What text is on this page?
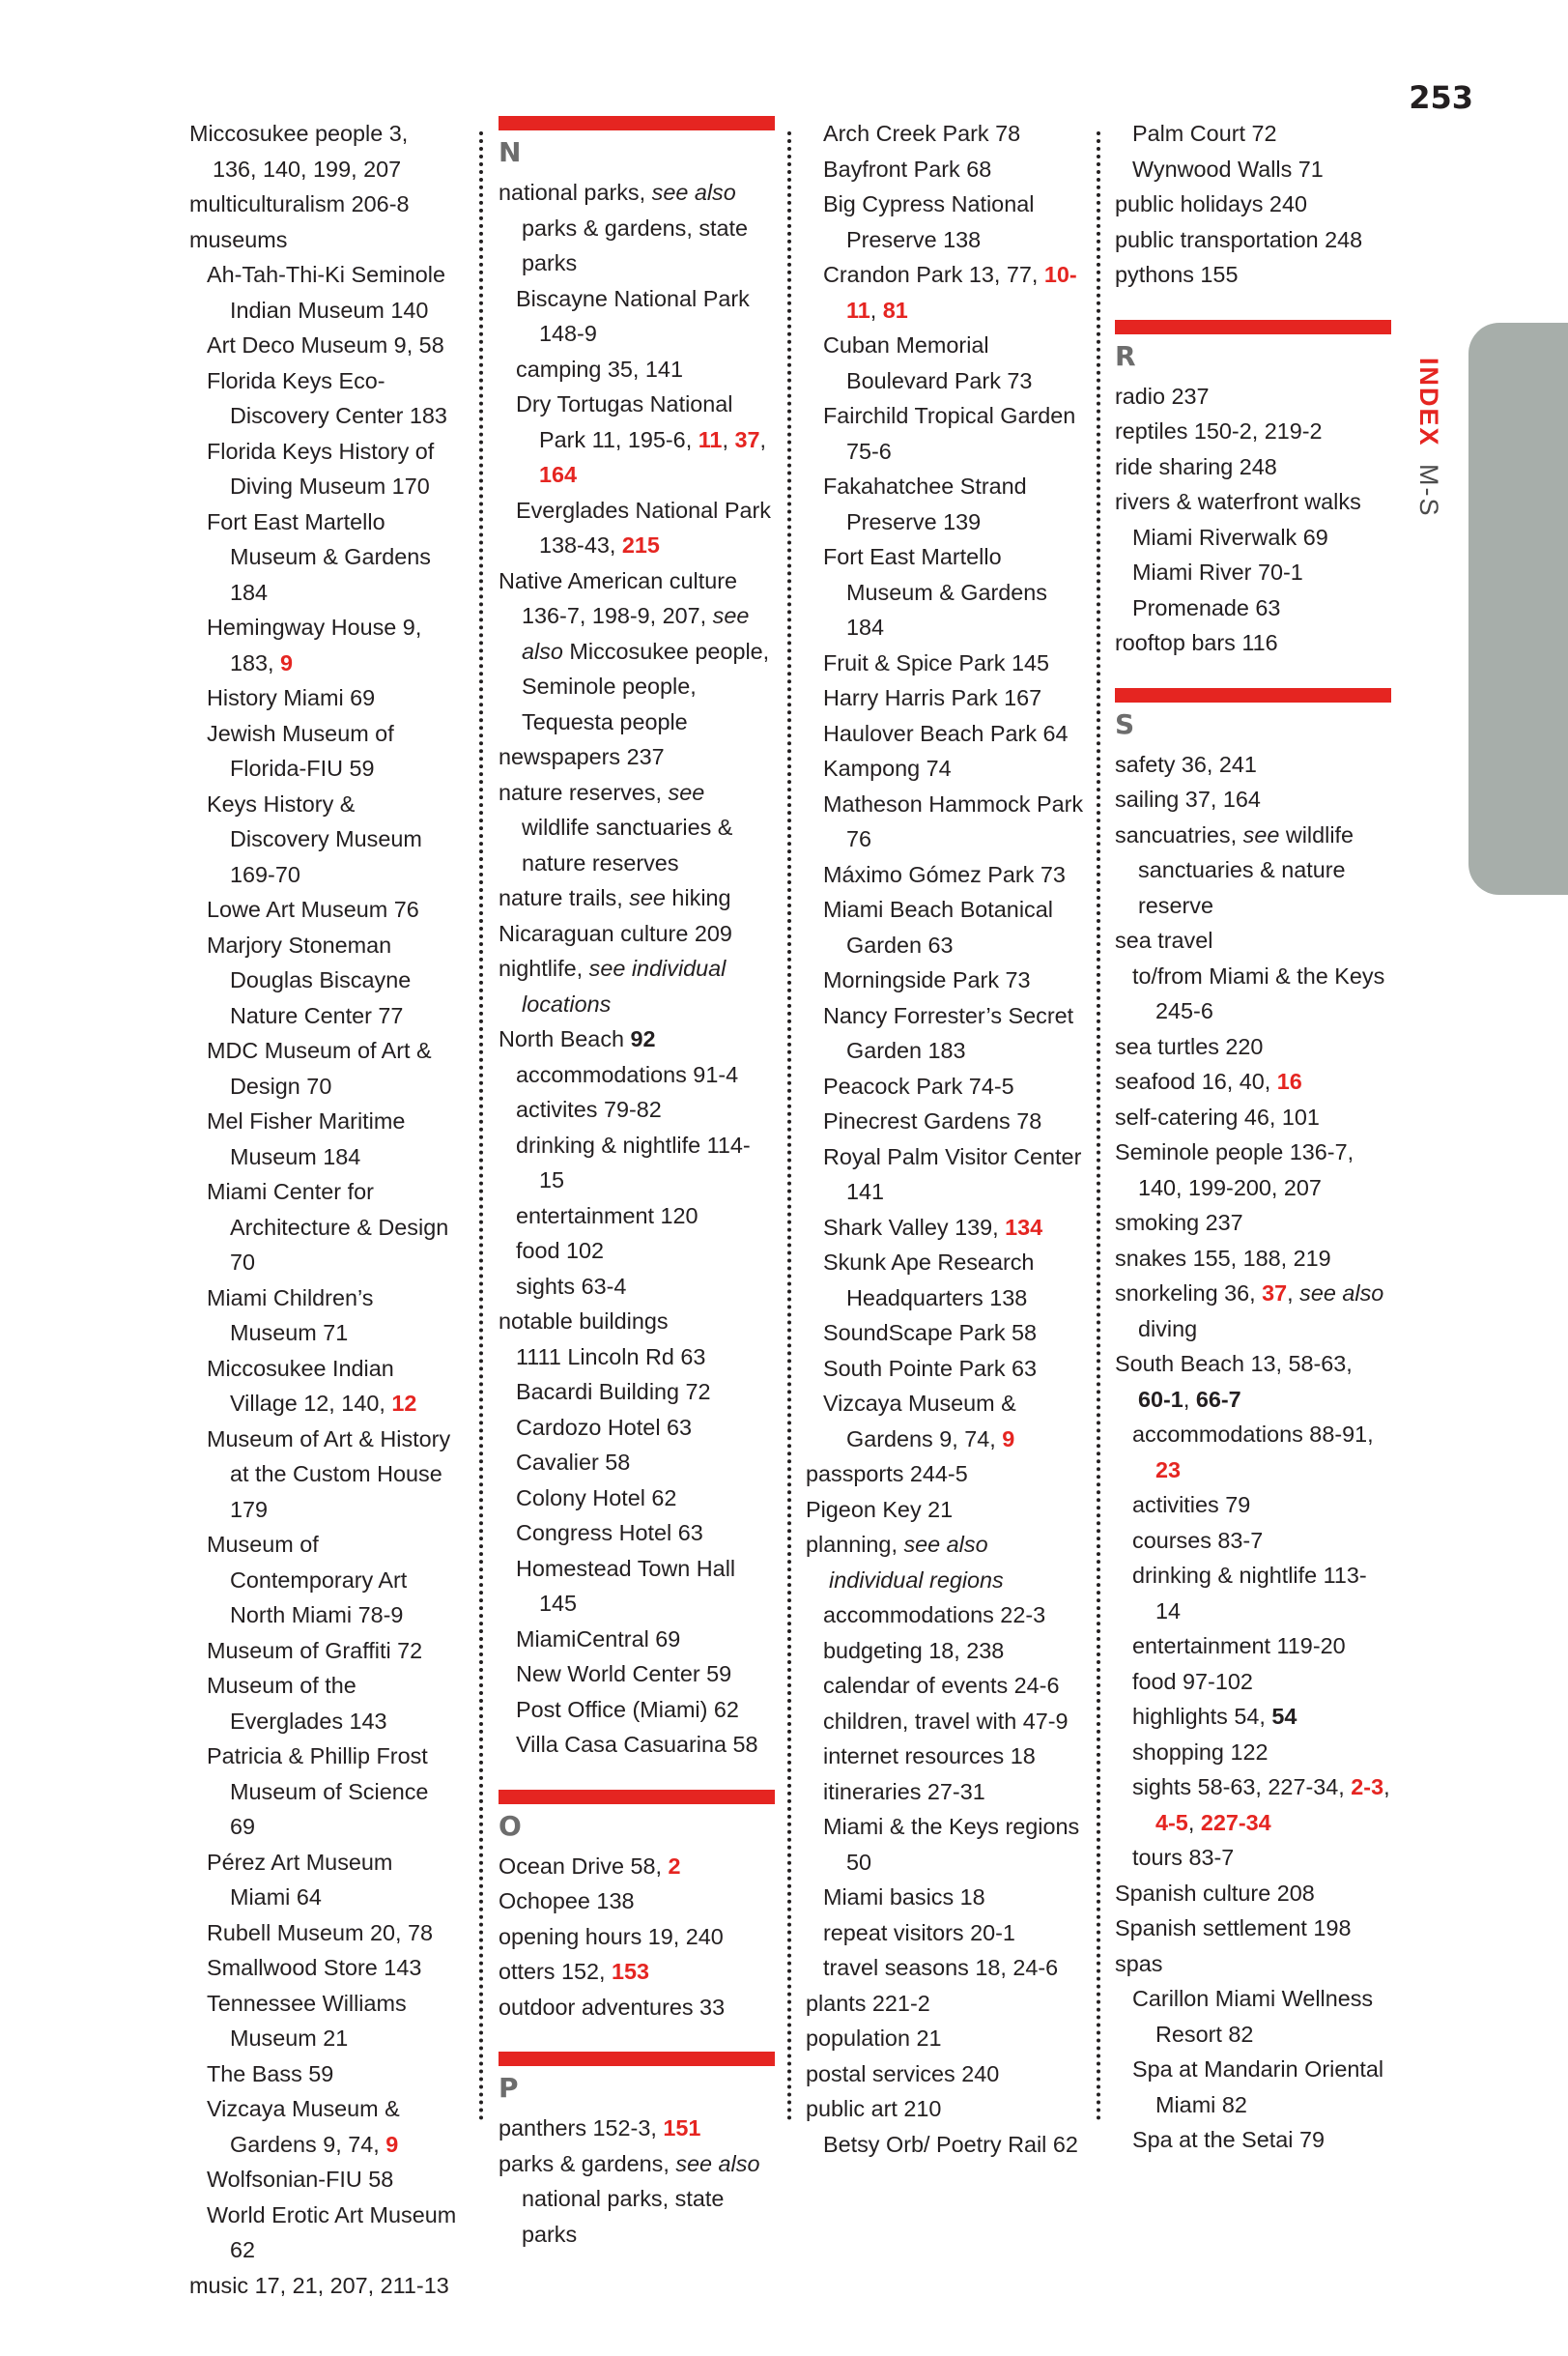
253
INDEX M-S
Miccosukee people 3, 136, 140, 199, 207
multiculturalism 206-8
museums
Ah-Tah-Thi-Ki Seminole Indian Museum 140
Art Deco Museum 9, 58
Florida Keys Eco-Discovery Center 183
Florida Keys History of Diving Museum 170
Fort East Martello Museum & Gardens 184
Hemingway House 9, 183, 9
History Miami 69
Jewish Museum of Florida-FIU 59
Keys History & Discovery Museum 169-70
Lowe Art Museum 76
Marjory Stoneman Douglas Biscayne Nature Center 77
MDC Museum of Art & Design 70
Mel Fisher Maritime Museum 184
Miami Center for Architecture & Design 70
Miami Children’s Museum 71
Miccosukee Indian Village 12, 140, 12
Museum of Art & History at the Custom House 179
Museum of Contemporary Art North Miami 78-9
Museum of Graffiti 72
Museum of the Everglades 143
Patricia & Phillip Frost Museum of Science 69
Pérez Art Museum Miami 64
Rubell Museum 20, 78
Smallwood Store 143
Tennessee Williams Museum 21
The Bass 59
Vizcaya Museum & Gardens 9, 74, 9
Wolfsonian-FIU 58
World Erotic Art Museum 62
music 17, 21, 207, 211-13
N
national parks, see also parks & gardens, state parks
Biscayne National Park 148-9
camping 35, 141
Dry Tortugas National Park 11, 195-6, 11, 37, 164
Everglades National Park 138-43, 215
Native American culture 136-7, 198-9, 207, see also Miccosukee people, Seminole people, Tequesta people
newspapers 237
nature reserves, see wildlife sanctuaries & nature reserves
nature trails, see hiking
Nicaraguan culture 209
nightlife, see individual locations
North Beach 92
accommodations 91-4
activites 79-82
drinking & nightlife 114-15
entertainment 120
food 102
sights 63-4
notable buildings
1111 Lincoln Rd 63
Bacardi Building 72
Cardozo Hotel 63
Cavalier 58
Colony Hotel 62
Congress Hotel 63
Homestead Town Hall 145
MiamiCentral 69
New World Center 59
Post Office (Miami) 62
Villa Casa Casuarina 58
O
Ocean Drive 58, 2
Ochopee 138
opening hours 19, 240
otters 152, 153
outdoor adventures 33
P
panthers 152-3, 151
parks & gardens, see also national parks, state parks
Arch Creek Park 78
Bayfront Park 68
Big Cypress National Preserve 138
Crandon Park 13, 77, 10-11, 81
Cuban Memorial Boulevard Park 73
Fairchild Tropical Garden 75-6
Fakahatchee Strand Preserve 139
Fort East Martello Museum & Gardens 184
Fruit & Spice Park 145
Harry Harris Park 167
Haulover Beach Park 64
Kampong 74
Matheson Hammock Park 76
Máximo Gómez Park 73
Miami Beach Botanical Garden 63
Morningside Park 73
Nancy Forrester’s Secret Garden 183
Peacock Park 74-5
Pinecrest Gardens 78
Royal Palm Visitor Center 141
Shark Valley 139, 134
Skunk Ape Research Headquarters 138
SoundScape Park 58
South Pointe Park 63
Vizcaya Museum & Gardens 9, 74, 9
passports 244-5
Pigeon Key 21
planning, see also individual regions
accommodations 22-3
budgeting 18, 238
calendar of events 24-6
children, travel with 47-9
internet resources 18
itineraries 27-31
Miami & the Keys regions 50
Miami basics 18
repeat visitors 20-1
travel seasons 18, 24-6
plants 221-2
population 21
postal services 240
public art 210
Betsy Orb/ Poetry Rail 62
Palm Court 72
Wynwood Walls 71
public holidays 240
public transportation 248
pythons 155
R
radio 237
reptiles 150-2, 219-2
ride sharing 248
rivers & waterfront walks
Miami Riverwalk 69
Miami River 70-1
Promenade 63
rooftop bars 116
S
safety 36, 241
sailing 37, 164
sancuatries, see wildlife sanctuaries & nature reserve
sea travel
to/from Miami & the Keys 245-6
sea turtles 220
seafood 16, 40, 16
self-catering 46, 101
Seminole people 136-7, 140, 199-200, 207
smoking 237
snakes 155, 188, 219
snorkeling 36, 37, see also diving
South Beach 13, 58-63, 60-1, 66-7
accommodations 88-91, 23
activities 79
courses 83-7
drinking & nightlife 113-14
entertainment 119-20
food 97-102
highlights 54, 54
shopping 122
sights 58-63, 227-34, 2-3, 4-5, 227-34
tours 83-7
Spanish culture 208
Spanish settlement 198
spas
Carillon Miami Wellness Resort 82
Spa at Mandarin Oriental Miami 82
Spa at the Setai 79
